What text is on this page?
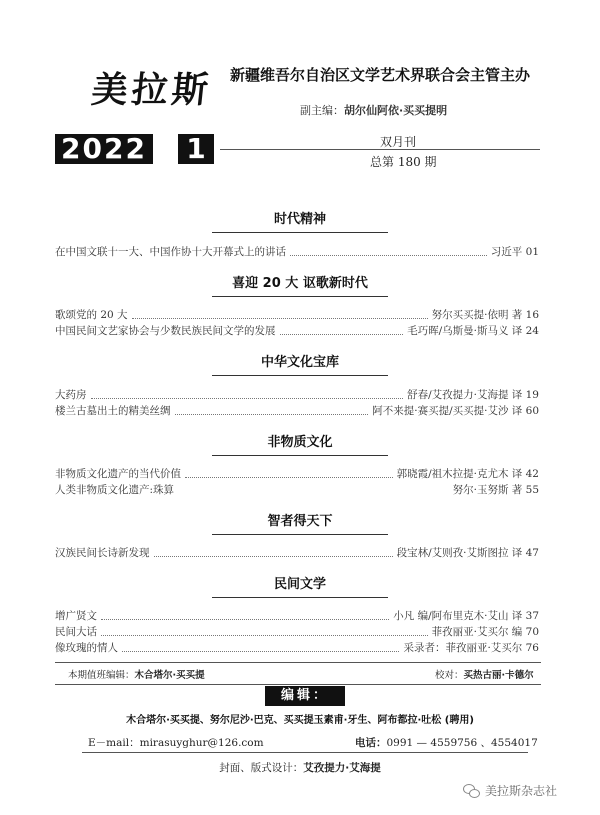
美拉斯 新疆维吾尔自治区文学艺术界联合会主管主办
副主编：胡尔仙阿依·买买提明
2022 1	双月刊
总第 180 期
时代精神
在中国文联十一大、中国作协十大开幕式上的讲话	习近平 01
喜迎 20 大 讴歌新时代
歌颂党的 20 大	努尔买买提·依明 著 16
中国民间文艺家协会与少数民族民间文学的发展	毛巧晖/乌斯曼·斯马义 译 24
中华文化宝库
大药房	舒春/艾孜提力·艾海提 译 19
楼兰古墓出土的精美丝绸	阿不来提·赛买提/买买提·艾沙 译 60
非物质文化
非物质文化遗产的当代价值	郭晓霞/祖木拉提·克尤木 译 42
人类非物质文化遗产:珠算	努尔·玉努斯 著 55
智者得天下
汉族民间长诗新发现	段宝林/艾则孜·艾斯图拉 译 47
民间文学
增广贤文	小凡 编/阿布里克木·艾山 译 37
民间大话	菲孜丽亚·艾买尔 编 70
像玫瑰的情人	采录者：菲孜丽亚·艾买尔 76
本期值班编辑：木合塔尔·买买提	校对：买热古丽·卡德尔
编辑：
木合塔尔·买买提、努尔尼沙·巴克、买买提玉素甫·牙生、阿布都拉·吐松 (聘用)
E－mail：mirasuyghur@126.com	电话：0991 — 4559756 、4554017
封面、版式设计：艾孜提力·艾海提
美拉斯杂志社
